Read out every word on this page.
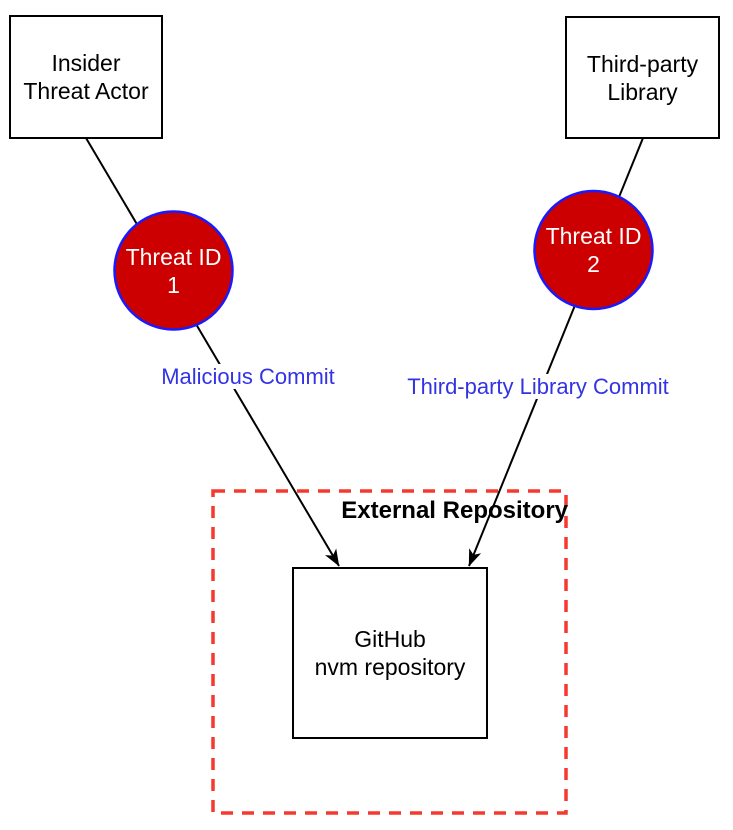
Insider
Threat Actor
Third-party
Library
Threat ID
1
Threat ID
2
GitHub
nvm repository
Malicious Commit	Third-party Library Commit
External Repository
